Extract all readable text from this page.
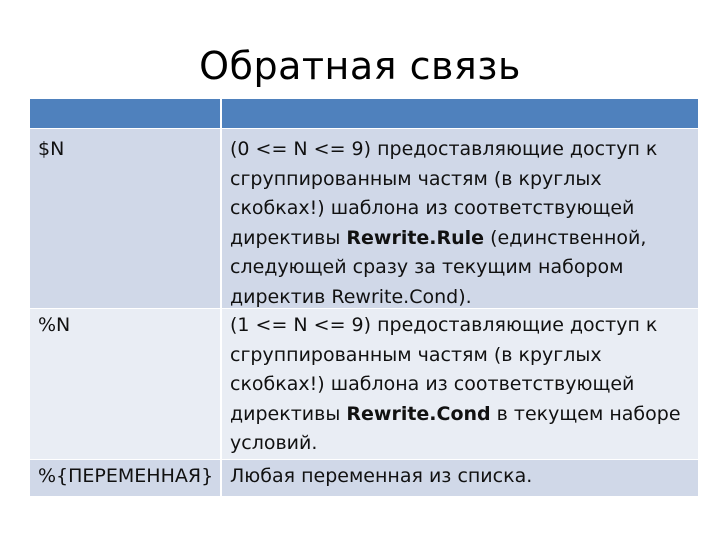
Обратная связь
$N	(0 <= N <= 9) предоставляющие доступ к сгруппированным частям (в круглых скобках!) шаблона из соответствующей директивы Rewrite.Rule (единственной, следующей сразу за текущим набором директив Rewrite.Cond).
%N	(1 <= N <= 9) предоставляющие доступ к сгруппированным частям (в круглых скобках!) шаблона из соответствующей директивы Rewrite.Cond в текущем наборе условий.
%{ПЕРЕМЕННАЯ} Любая переменная из списка.
